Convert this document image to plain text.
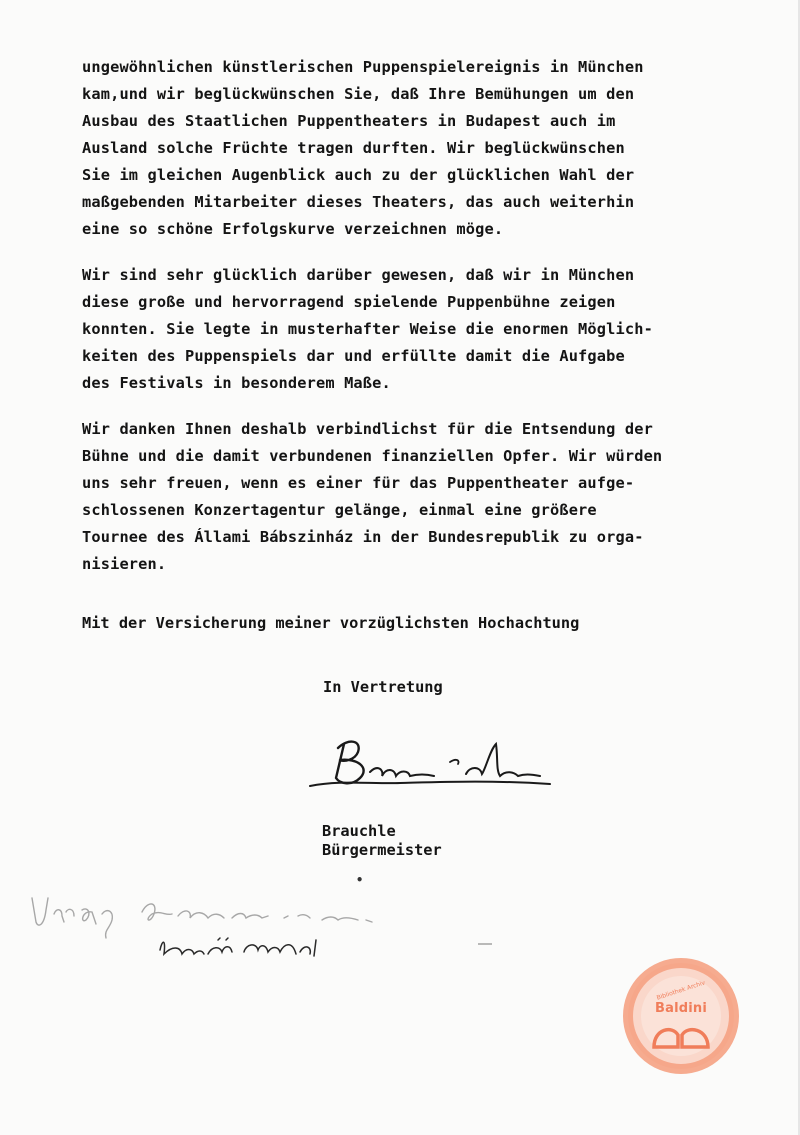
ungewöhnlichen künstlerischen Puppenspielereignis in München
kam,und wir beglückwünschen Sie, daß Ihre Bemühungen um den
Ausbau des Staatlichen Puppentheaters in Budapest auch im
Ausland solche Früchte tragen durften. Wir beglückwünschen
Sie im gleichen Augenblick auch zu der glücklichen Wahl der
maßgebenden Mitarbeiter dieses Theaters, das auch weiterhin
eine so schöne Erfolgskurve verzeichnen möge.

Wir sind sehr glücklich darüber gewesen, daß wir in München
diese große und hervorragend spielende Puppenbühne zeigen
konnten. Sie legte in musterhafter Weise die enormen Möglich-
keiten des Puppenspiels dar und erfüllte damit die Aufgabe
des Festivals in besonderem Maße.

Wir danken Ihnen deshalb verbindlichst für die Entsendung der
Bühne und die damit verbundenen finanziellen Opfer. Wir würden
uns sehr freuen, wenn es einer für das Puppentheater aufge-
schlossenen Konzertagentur gelänge, einmal eine größere
Tournee des Állami Bábszinház in der Bundesrepublik zu orga-
nisieren.

Mit der Versicherung meiner vorzüglichsten Hochachtung
In Vertretung
Brauchle
Bürgermeister
•
Bibliothek Archiv
Baldini
